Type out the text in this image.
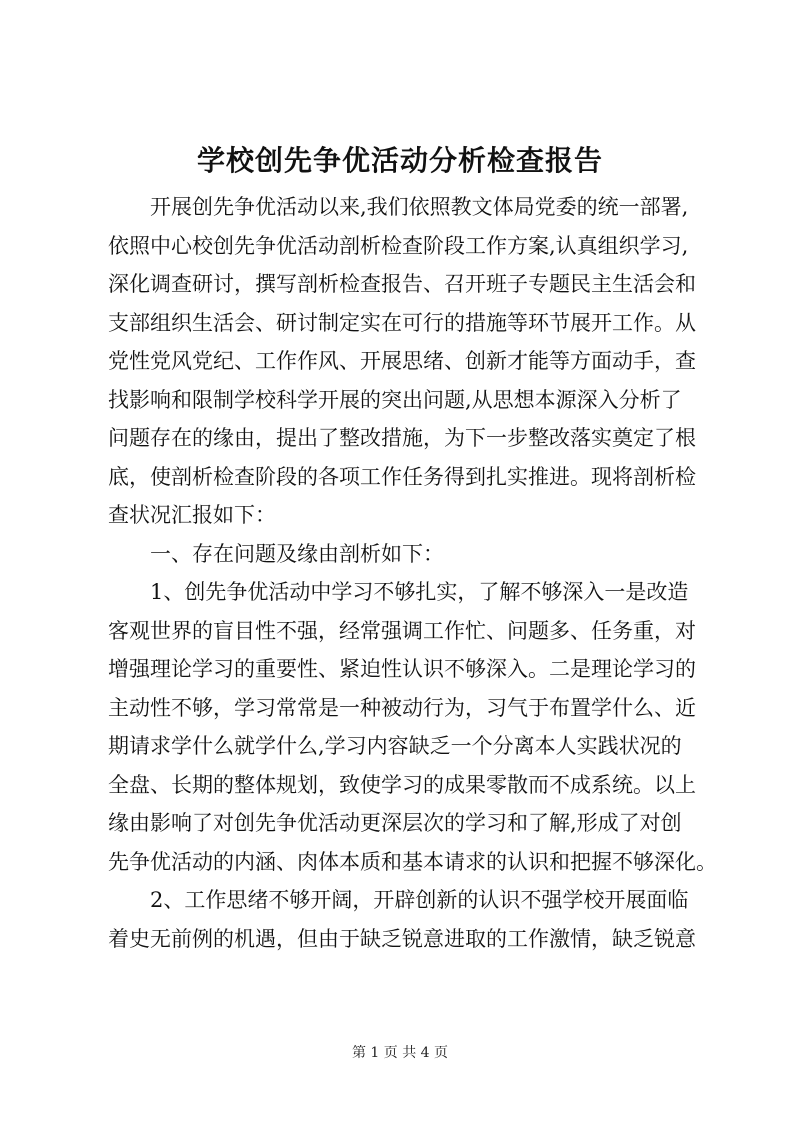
学校创先争优活动分析检查报告
开展创先争优活动以来,我们依照教文体局党委的统一部署,
依照中心校创先争优活动剖析检查阶段工作方案,认真组织学习,
深化调查研讨，撰写剖析检查报告、召开班子专题民主生活会和
支部组织生活会、研讨制定实在可行的措施等环节展开工作。从
党性党风党纪、工作作风、开展思绪、创新才能等方面动手，查
找影响和限制学校科学开展的突出问题,从思想本源深入分析了
问题存在的缘由，提出了整改措施，为下一步整改落实奠定了根
底，使剖析检查阶段的各项工作任务得到扎实推进。现将剖析检
查状况汇报如下：
一、存在问题及缘由剖析如下：
1、创先争优活动中学习不够扎实，了解不够深入一是改造
客观世界的盲目性不强，经常强调工作忙、问题多、任务重，对
增强理论学习的重要性、紧迫性认识不够深入。二是理论学习的
主动性不够，学习常常是一种被动行为，习气于布置学什么、近
期请求学什么就学什么,学习内容缺乏一个分离本人实践状况的
全盘、长期的整体规划，致使学习的成果零散而不成系统。以上
缘由影响了对创先争优活动更深层次的学习和了解,形成了对创
先争优活动的内涵、肉体本质和基本请求的认识和把握不够深化。
2、工作思绪不够开阔，开辟创新的认识不强学校开展面临
着史无前例的机遇，但由于缺乏锐意进取的工作激情，缺乏锐意
第 1 页 共 4 页
